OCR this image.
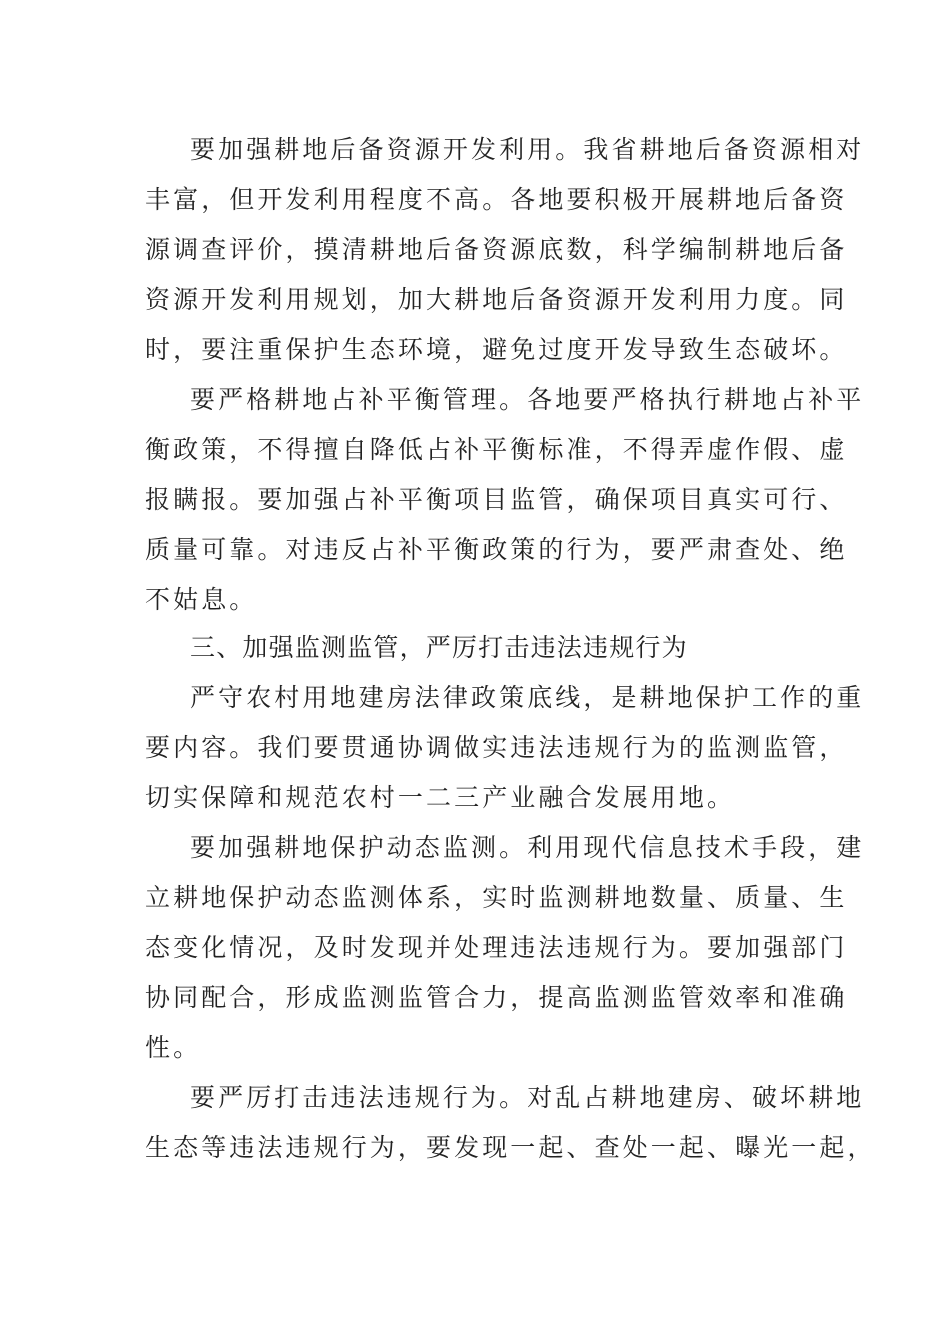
要加强耕地后备资源开发利用。我省耕地后备资源相对
丰富，但开发利用程度不高。各地要积极开展耕地后备资
源调查评价，摸清耕地后备资源底数，科学编制耕地后备
资源开发利用规划，加大耕地后备资源开发利用力度。同
时，要注重保护生态环境，避免过度开发导致生态破坏。
要严格耕地占补平衡管理。各地要严格执行耕地占补平
衡政策，不得擅自降低占补平衡标准，不得弄虚作假、虚
报瞒报。要加强占补平衡项目监管，确保项目真实可行、
质量可靠。对违反占补平衡政策的行为，要严肃查处、绝
不姑息。
三、加强监测监管，严厉打击违法违规行为
严守农村用地建房法律政策底线，是耕地保护工作的重
要内容。我们要贯通协调做实违法违规行为的监测监管，
切实保障和规范农村一二三产业融合发展用地。
要加强耕地保护动态监测。利用现代信息技术手段，建
立耕地保护动态监测体系，实时监测耕地数量、质量、生
态变化情况，及时发现并处理违法违规行为。要加强部门
协同配合，形成监测监管合力，提高监测监管效率和准确
性。
要严厉打击违法违规行为。对乱占耕地建房、破坏耕地
生态等违法违规行为，要发现一起、查处一起、曝光一起，
